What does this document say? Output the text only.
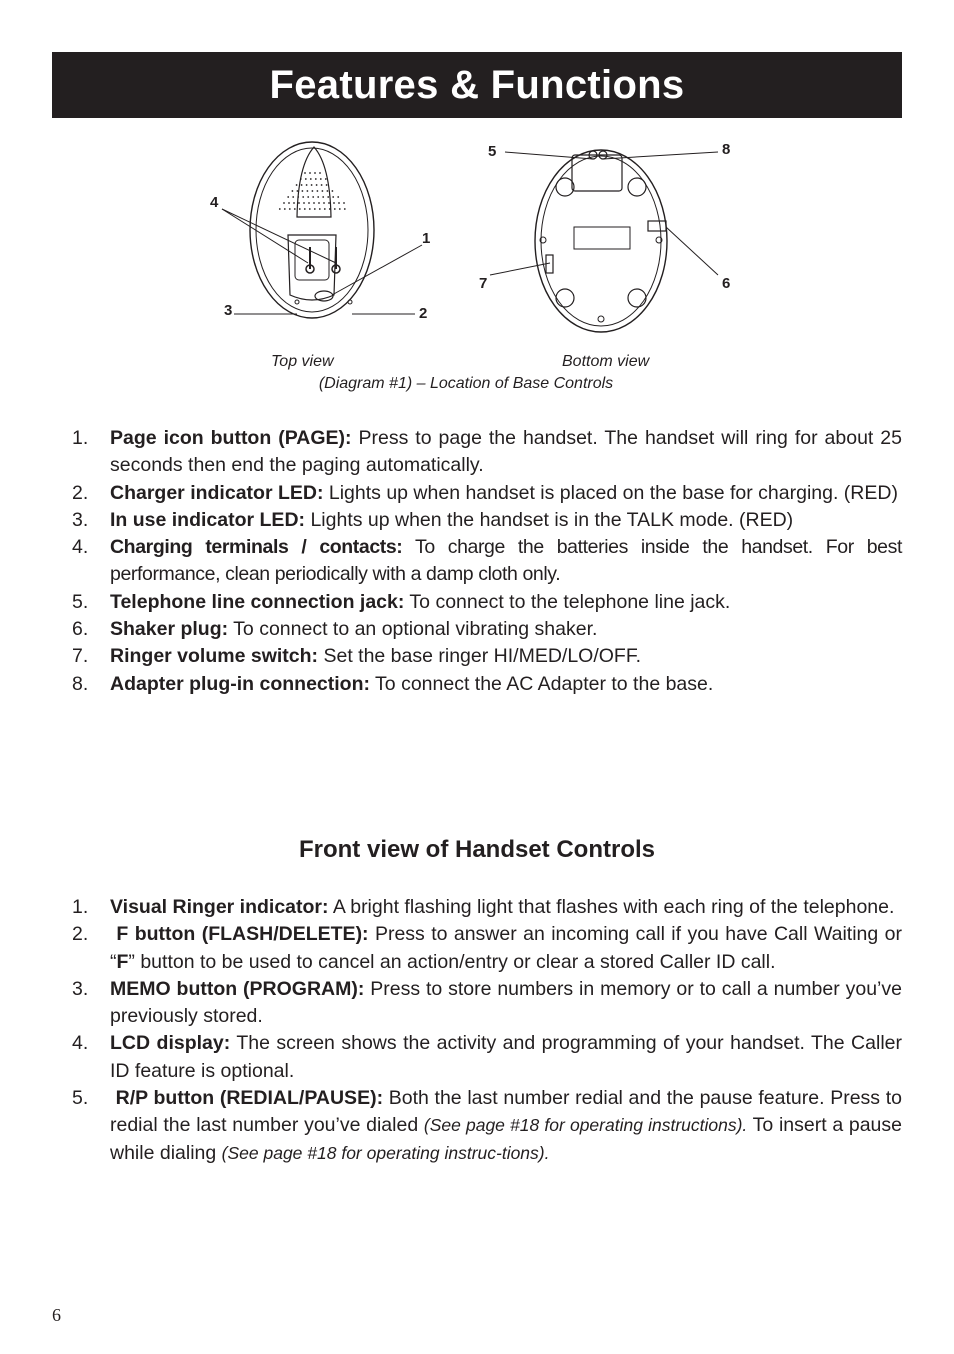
Features & Functions
4
1
3	2
5	8
7	6
Top view	Bottom view
(Diagram #1) – Location of Base Controls
1.	Page icon button (PAGE): Press to page the handset. The handset will ring for about 25 seconds then end the paging automatically.
2.	Charger indicator LED: Lights up when handset is placed on the base for charging. (RED)
3.	In use indicator LED: Lights up when the handset is in the TALK mode. (RED)
4.	Charging terminals / contacts: To charge the batteries inside the handset. For best performance, clean periodically with a damp cloth only.
5.	Telephone line connection jack: To connect to the telephone line jack.
6.	Shaker plug: To connect to an optional vibrating shaker.
7.	Ringer volume switch: Set the base ringer HI/MED/LO/OFF.
8.	Adapter plug-in connection: To connect the AC Adapter to the base.
Front view of Handset Controls
1.	Visual Ringer indicator: A bright flashing light that flashes with each ring of the telephone.
2.	F button (FLASH/DELETE): Press to answer an incoming call if you have Call Waiting or “F” button to be used to cancel an action/entry or clear a stored Caller ID call.
3.	MEMO button (PROGRAM): Press to store numbers in memory or to call a number you’ve previously stored.
4.	LCD display: The screen shows the activity and programming of your handset. The Caller ID feature is optional.
5.	R/P button (REDIAL/PAUSE): Both the last number redial and the pause feature. Press to redial the last number you’ve dialed (See page #18 for operating instructions). To insert a pause while dialing (See page #18 for operating instruc-tions).
6
